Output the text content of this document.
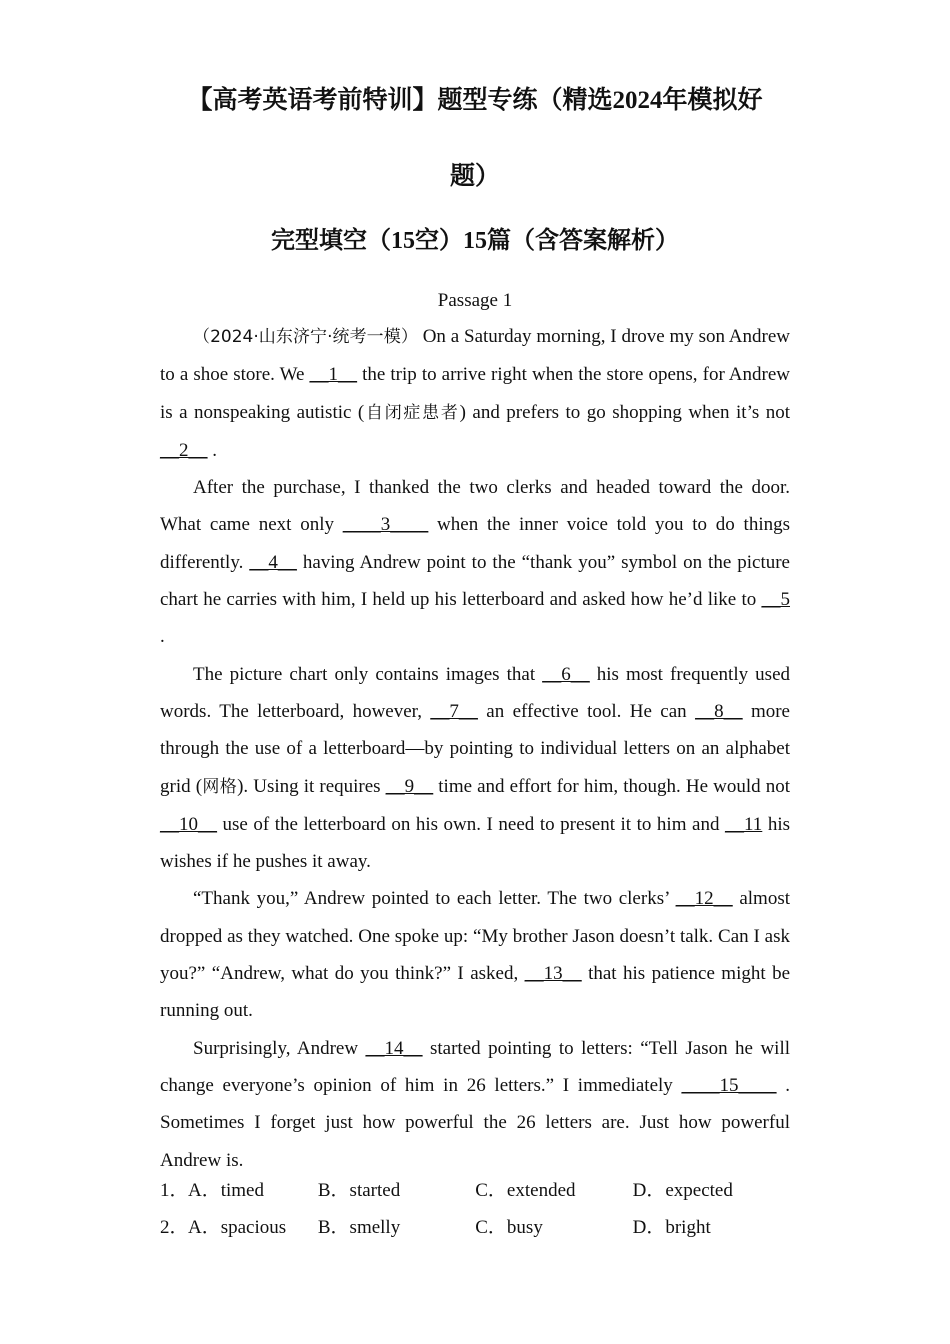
【高考英语考前特训】题型专练（精选2024年模拟好
题）
完型填空（15空）15篇（含答案解析）
Passage 1

（2024·山东济宁·统考一模） On a Saturday morning, I drove my son Andrew to a shoe store. We __1__ the trip to arrive right when the store opens, for Andrew is a nonspeaking autistic (自闭症患者) and prefers to go shopping when it’s not __2__ .

After the purchase, I thanked the two clerks and headed toward the door. What came next only ____3____ when the inner voice told you to do things differently. __4__ having Andrew point to the “thank you” symbol on the picture chart he carries with him, I held up his letterboard and asked how he’d like to __5 .

The picture chart only contains images that __6__ his most frequently used words. The letterboard, however, __7__ an effective tool. He can __8__ more through the use of a letterboard—by pointing to individual letters on an alphabet grid (网格). Using it requires __9__ time and effort for him, though. He would not __10__ use of the letterboard on his own. I need to present it to him and __11 his wishes if he pushes it away.

“Thank you,” Andrew pointed to each letter. The two clerks’ __12__ almost dropped as they watched. One spoke up: “My brother Jason doesn’t talk. Can I ask you?” “Andrew, what do you think?” I asked, __13__ that his patience might be running out.

Surprisingly, Andrew __14__ started pointing to letters: “Tell Jason he will change everyone’s opinion of him in 26 letters.” I immediately ____15____ . Sometimes I forget just how powerful the 26 letters are. Just how powerful Andrew is.

1． A．timed	B．started	C．extended	D．expected
2． A．spacious	B．smelly	C．busy	D．bright
